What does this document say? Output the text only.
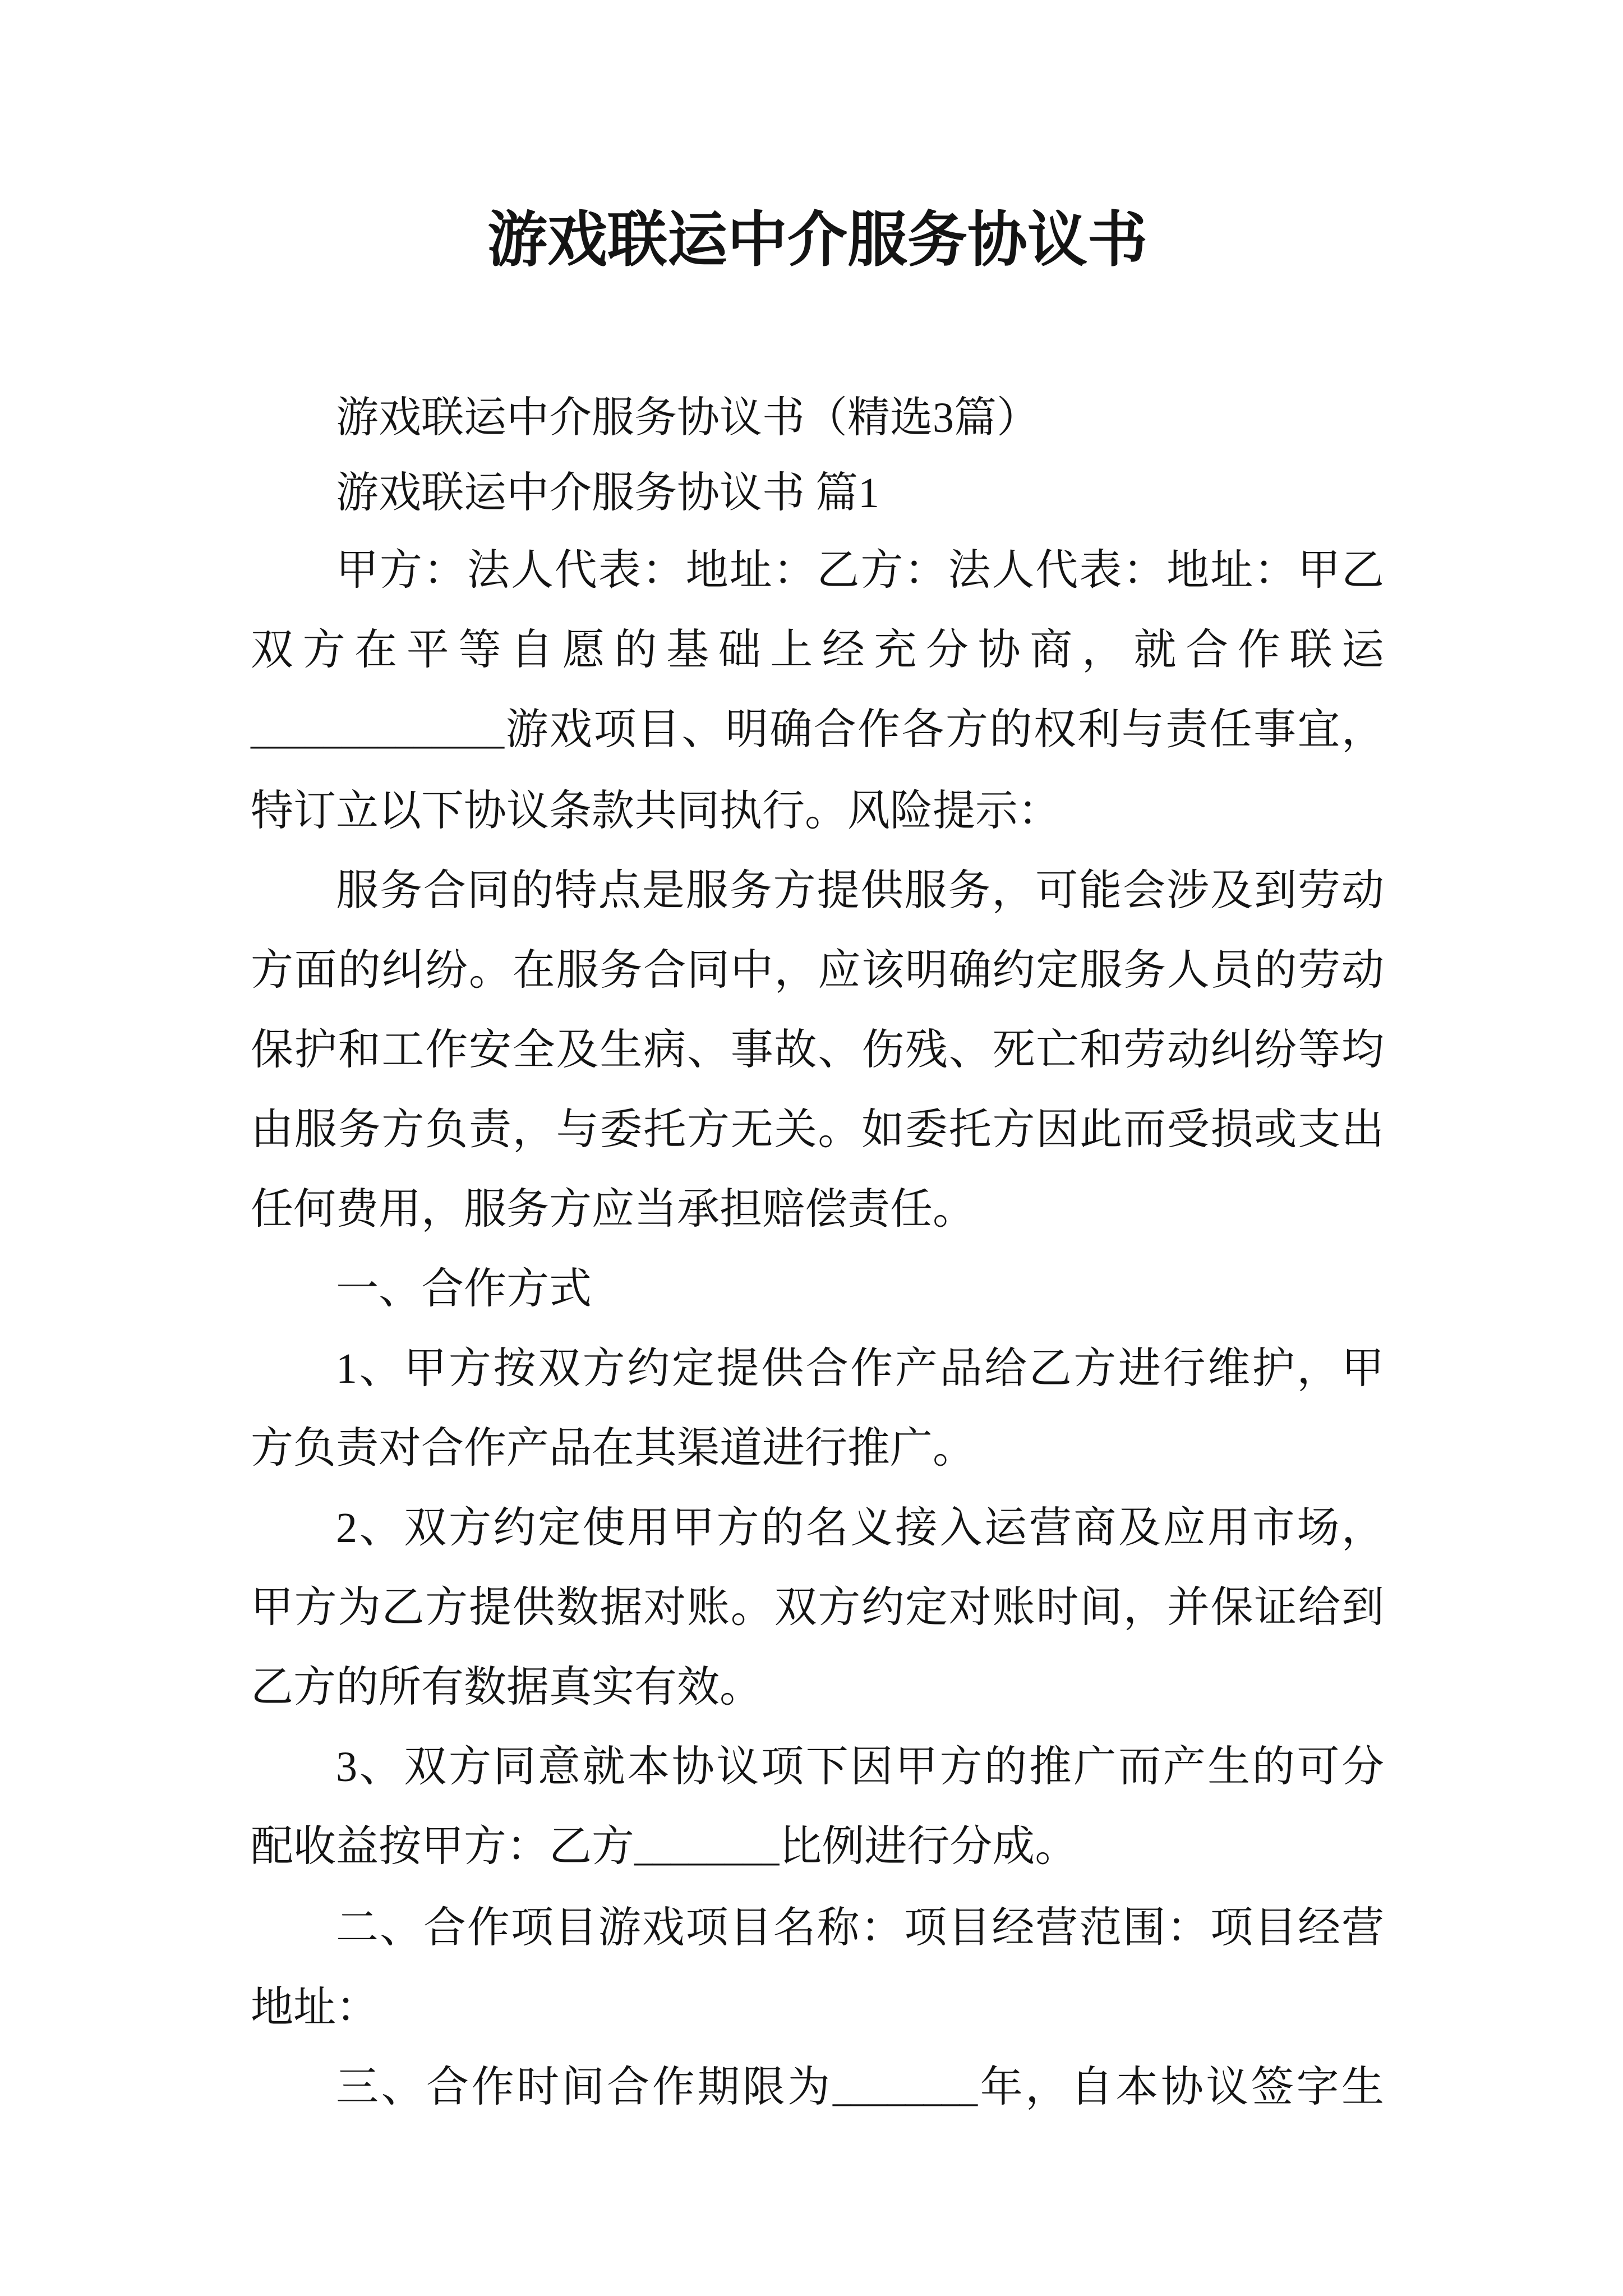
游戏联运中介服务协议书
游戏联运中介服务协议书（精选3篇）
游戏联运中介服务协议书 篇1
甲方：法人代表：地址：乙方：法人代表：地址：甲乙
双方在平等自愿的基础上经充分协商，就合作联运
______________游戏项目、明确合作各方的权利与责任事宜，
特订立以下协议条款共同执行。风险提示：
服务合同的特点是服务方提供服务，可能会涉及到劳动
方面的纠纷。在服务合同中，应该明确约定服务人员的劳动
保护和工作安全及生病、事故、伤残、死亡和劳动纠纷等均
由服务方负责，与委托方无关。如委托方因此而受损或支出
任何费用，服务方应当承担赔偿责任。
一、合作方式
1、甲方按双方约定提供合作产品给乙方进行维护，甲
方负责对合作产品在其渠道进行推广。
2、双方约定使用甲方的名义接入运营商及应用市场，
甲方为乙方提供数据对账。双方约定对账时间，并保证给到
乙方的所有数据真实有效。
3、双方同意就本协议项下因甲方的推广而产生的可分
配收益按甲方：乙方________比例进行分成。
二、合作项目游戏项目名称：项目经营范围：项目经营
地址：
三、合作时间合作期限为________年，自本协议签字生
